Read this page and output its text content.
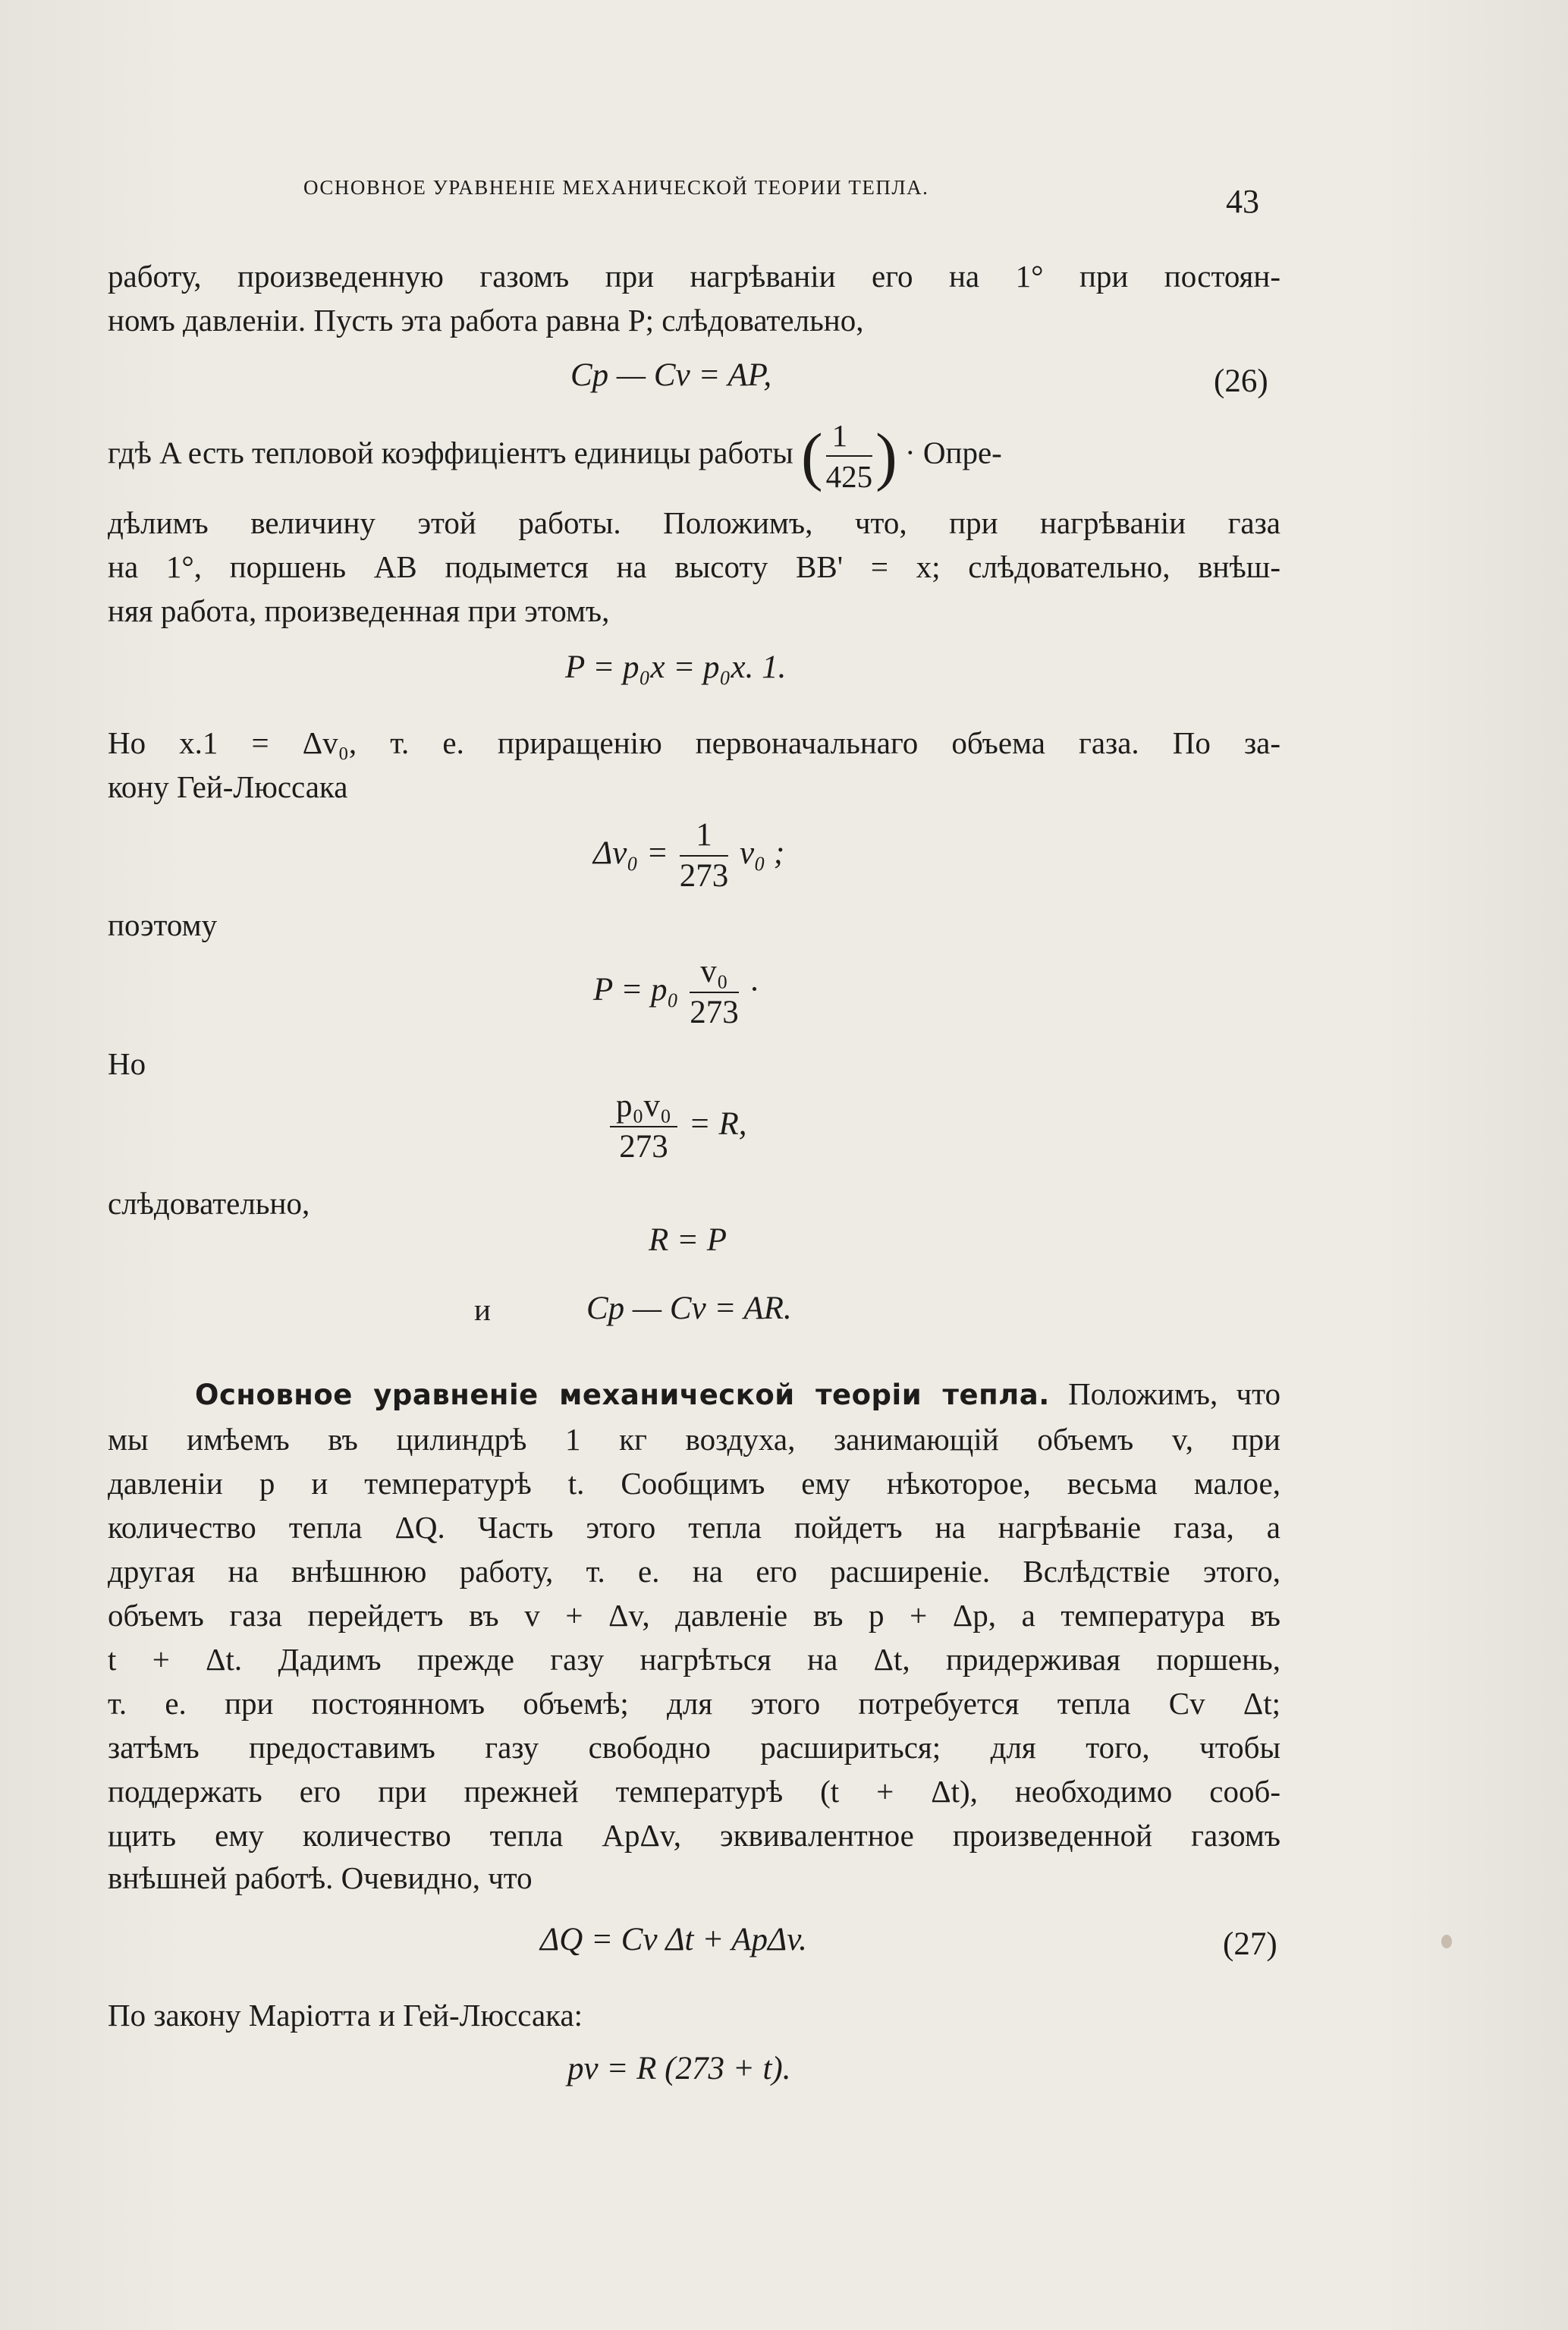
ОСНОВНОЕ УРАВНЕНІЕ МЕХАНИЧЕСКОЙ ТЕОРИИ ТЕПЛА.	43
работу, произведенную газомъ при нагрѣваніи его на 1° при постоян-
номъ давленіи. Пусть эта работа равна P; слѣдовательно,
Cp — Cv = AP,	(26)
гдѣ A есть тепловой коэффиціентъ единицы работы ( $\frac{1}{425}$ ) · Опре-
дѣлимъ величину этой работы. Положимъ, что, при нагрѣваніи газа
на 1°, поршень AB подымется на высоту BB' = x; слѣдовательно, внѣш-
няя работа, произведенная при этомъ,
P = p₀x = p₀x. 1.
Но x.1 = Δv₀, т. е. приращенію первоначальнаго объема газа. По за-
кону Гей-Люссака
$\Delta v_0 = \frac{1}{273} v_0$ ;
поэтому
$P = p_0 \frac{\text{v₀}}{273}$ ·
Но
$\frac{\text{p₀v₀}}{273} = R$,
слѣдовательно,
R = P
и	Cp — Cv = AR.
Основное уравненіе механической теоріи тепла. Положимъ, что
мы имѣемъ въ цилиндрѣ 1 кг воздуха, занимающій объемъ v, при
давленіи p и температурѣ t. Сообщимъ ему нѣкоторое, весьма малое,
количество тепла ΔQ. Часть этого тепла пойдетъ на нагрѣваніе газа, а
другая на внѣшнюю работу, т. е. на его расширеніе. Вслѣдствіе этого,
объемъ газа перейдетъ въ v + Δv, давленіе въ p + Δp, а температура въ
t + Δt. Дадимъ прежде газу нагрѣться на Δt, придерживая поршень,
т. е. при постоянномъ объемѣ; для этого потребуется тепла Cv Δt;
затѣмъ предоставимъ газу свободно расшириться; для того, чтобы
поддержать его при прежней температурѣ (t + Δt), необходимо сооб-
щить ему количество тепла ApΔv, эквивалентное произведенной газомъ
внѣшней работѣ. Очевидно, что
ΔQ = Cv Δt + ApΔv.	(27)
По закону Маріотта и Гей-Люссака:
pv = R (273 + t).
